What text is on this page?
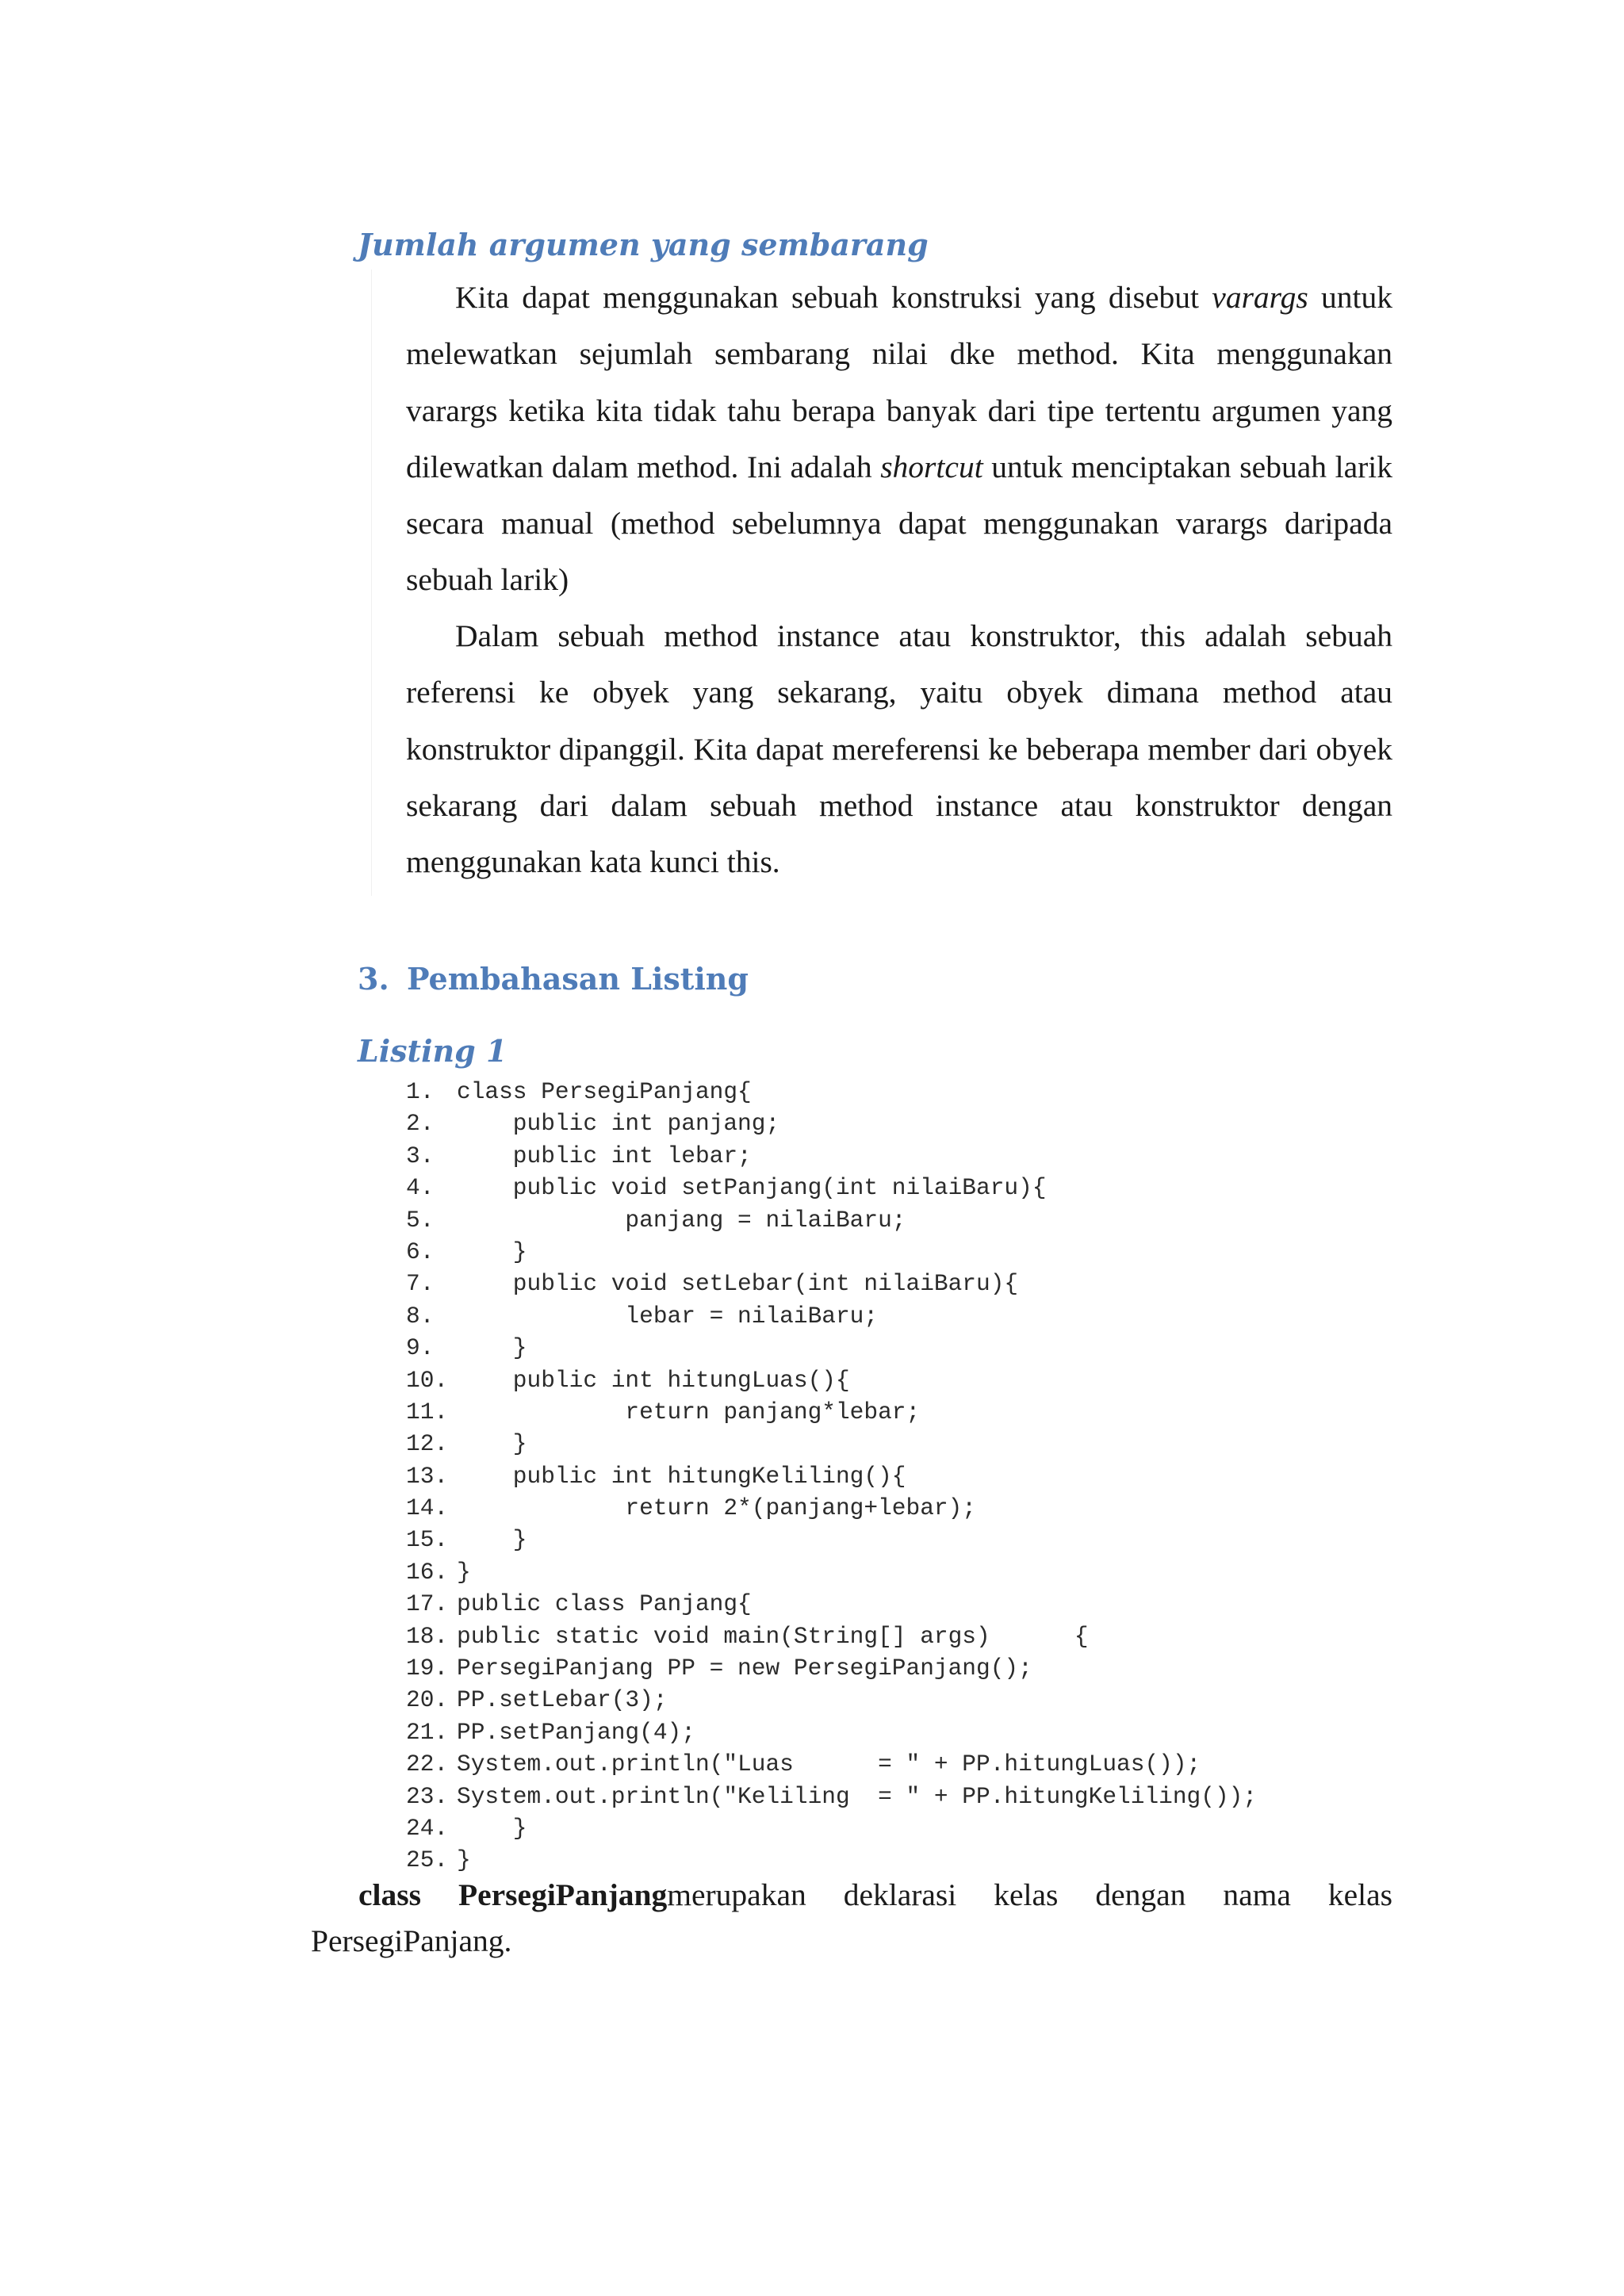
Jumlah argumen yang sembarang

Kita dapat menggunakan sebuah konstruksi yang disebut varargs untuk melewatkan sejumlah sembarang nilai dke method. Kita menggunakan varargs ketika kita tidak tahu berapa banyak dari tipe tertentu argumen yang dilewatkan dalam method. Ini adalah shortcut untuk menciptakan sebuah larik secara manual (method sebelumnya dapat menggunakan varargs daripada sebuah larik)

Dalam sebuah method instance atau konstruktor, this adalah sebuah referensi ke obyek yang sekarang, yaitu obyek dimana method atau konstruktor dipanggil. Kita dapat mereferensi ke beberapa member dari obyek sekarang dari dalam sebuah method instance atau konstruktor dengan menggunakan kata kunci this.

3. Pembahasan Listing
Listing 1
1. class PersegiPanjang{
2. public int panjang;
3. public int lebar;
4. public void setPanjang(int nilaiBaru){
5. panjang = nilaiBaru;
6. }
7. public void setLebar(int nilaiBaru){
8. lebar = nilaiBaru;
9. }
10. public int hitungLuas(){
11. return panjang*lebar;
12. }
13. public int hitungKeliling(){
14. return 2*(panjang+lebar);
15. }
16. }
17. public class Panjang{
18. public static void main(String[] args)      {
19. PersegiPanjang PP = new PersegiPanjang();
20. PP.setLebar(3);
21. PP.setPanjang(4);
22. System.out.println("Luas      = " + PP.hitungLuas());
23. System.out.println("Keliling  = " + PP.hitungKeliling());
24. }
25. }

class PersegiPanjangmerupakan deklarasi kelas dengan nama kelas
PersegiPanjang.
